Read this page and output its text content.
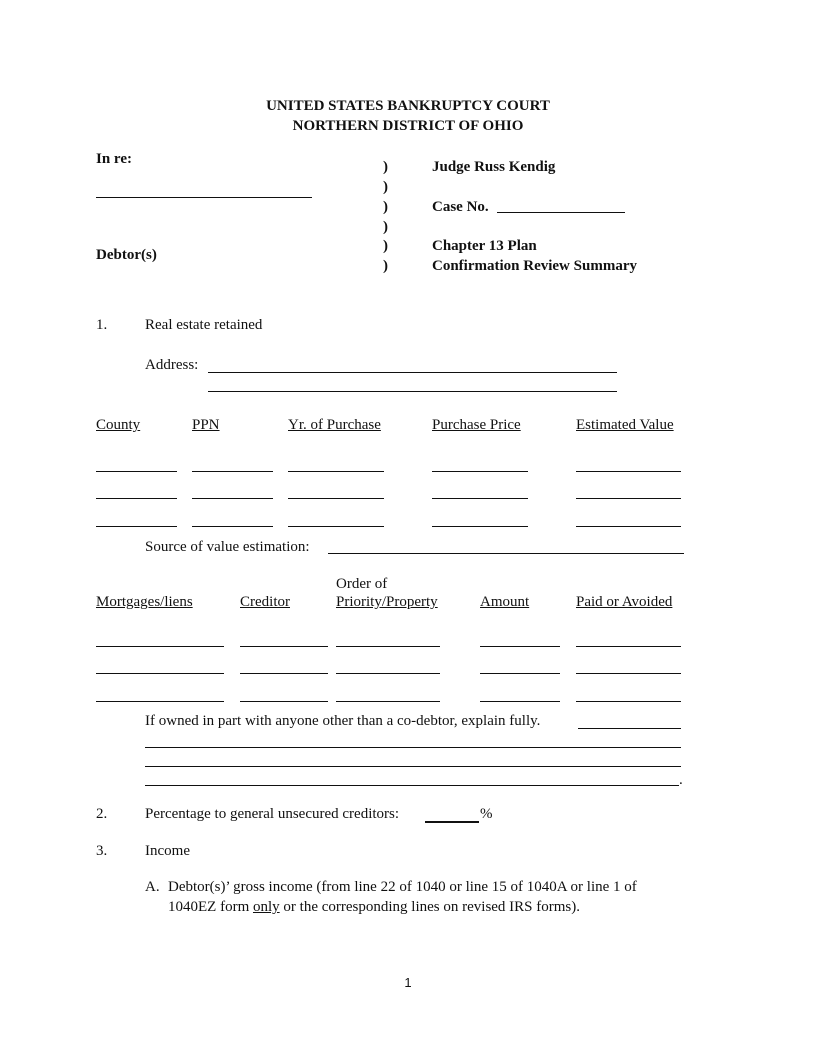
UNITED STATES BANKRUPTCY COURT
NORTHERN DISTRICT OF OHIO
In re:
Debtor(s)
)
)
)
)
)
)
Judge Russ Kendig
Case No.
Chapter 13 Plan
Confirmation Review Summary
1.	Real estate retained
Address:
County	PPN	Yr. of Purchase	Purchase Price	Estimated Value
Source of value estimation:
Order of
Mortgages/liens	Creditor	Priority/Property	Amount	Paid or Avoided
If owned in part with anyone other than a co-debtor, explain fully.
.
2.	Percentage to general unsecured creditors:	%
3.	Income
A. Debtor(s)’ gross income (from line 22 of 1040 or line 15 of 1040A or line 1 of
1040EZ form only or the corresponding lines on revised IRS forms).
1
